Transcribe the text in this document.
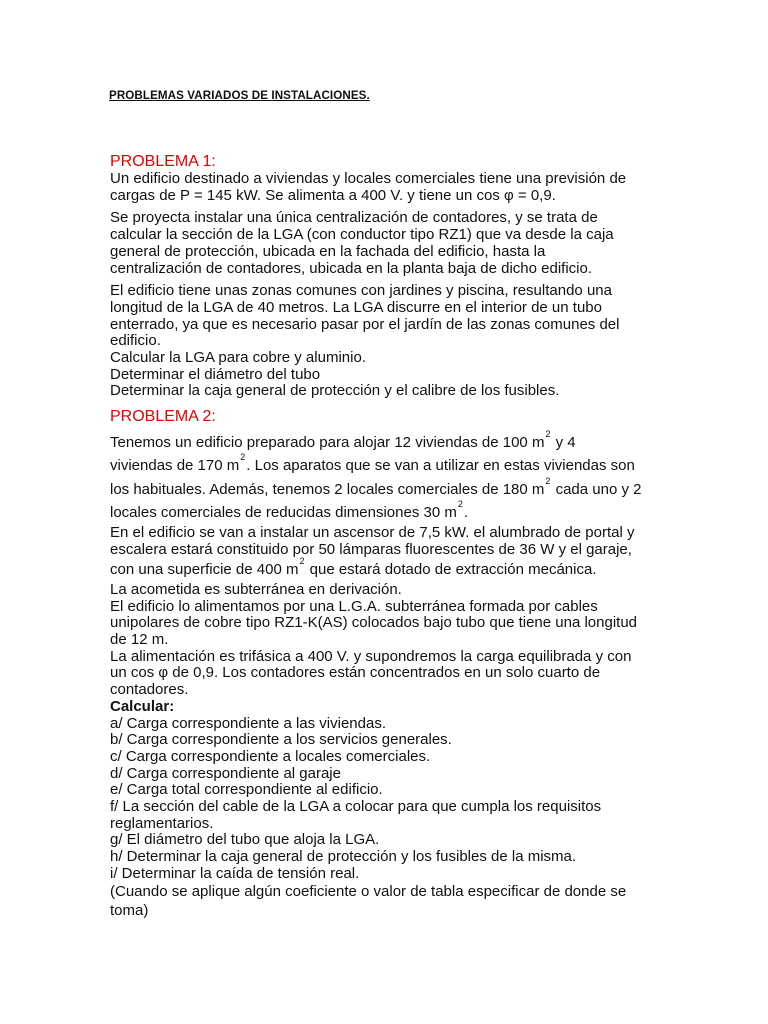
PROBLEMAS VARIADOS DE INSTALACIONES.
PROBLEMA 1:

Un edificio destinado a viviendas y locales comerciales tiene una previsión de

cargas de P = 145 kW. Se alimenta a 400 V. y tiene un cos φ = 0,9.

Se proyecta instalar una única centralización de contadores, y se trata de

calcular la sección de la LGA (con conductor tipo RZ1) que va desde la caja

general de protección, ubicada en la fachada del edificio, hasta la

centralización de contadores, ubicada en la planta baja de dicho edificio.

El edificio tiene unas zonas comunes con jardines y piscina, resultando una

longitud de la LGA de 40 metros. La LGA discurre en el interior de un tubo

enterrado, ya que es necesario pasar por el jardín de las zonas comunes del

edificio.

Calcular la LGA para cobre y aluminio.

Determinar el diámetro del tubo

Determinar la caja general de protección y el calibre de los fusibles.

PROBLEMA 2:
Tenemos un edificio preparado para alojar 12 viviendas de 100 $m^2$ y 4
viviendas de 170 $m^2$. Los aparatos que se van a utilizar en estas viviendas son
los habituales. Además, tenemos 2 locales comerciales de 180 $m^2$ cada uno y 2
locales comerciales de reducidas dimensiones 30 $m^2$.
En el edificio se van a instalar un ascensor de 7,5 kW. el alumbrado de portal y
escalera estará constituido por 50 lámparas fluorescentes de 36 W y el garaje,
con una superficie de 400 $m^2$ que estará dotado de extracción mecánica.

La acometida es subterránea en derivación.

El edificio lo alimentamos por una L.G.A. subterránea formada por cables

unipolares de cobre tipo RZ1-K(AS) colocados bajo tubo que tiene una longitud

de 12 m.

La alimentación es trifásica a 400 V. y supondremos la carga equilibrada y con

un cos φ de 0,9. Los contadores están concentrados en un solo cuarto de

contadores.

Calcular:

a/ Carga correspondiente a las viviendas.

b/ Carga correspondiente a los servicios generales.

c/ Carga correspondiente a locales comerciales.

d/ Carga correspondiente al garaje

e/ Carga total correspondiente al edificio.

f/ La sección del cable de la LGA a colocar para que cumpla los requisitos

reglamentarios.

g/ El diámetro del tubo que aloja la LGA.

h/ Determinar la caja general de protección y los fusibles de la misma.

i/ Determinar la caída de tensión real.

(Cuando se aplique algún coeficiente o valor de tabla especificar de donde se

toma)
